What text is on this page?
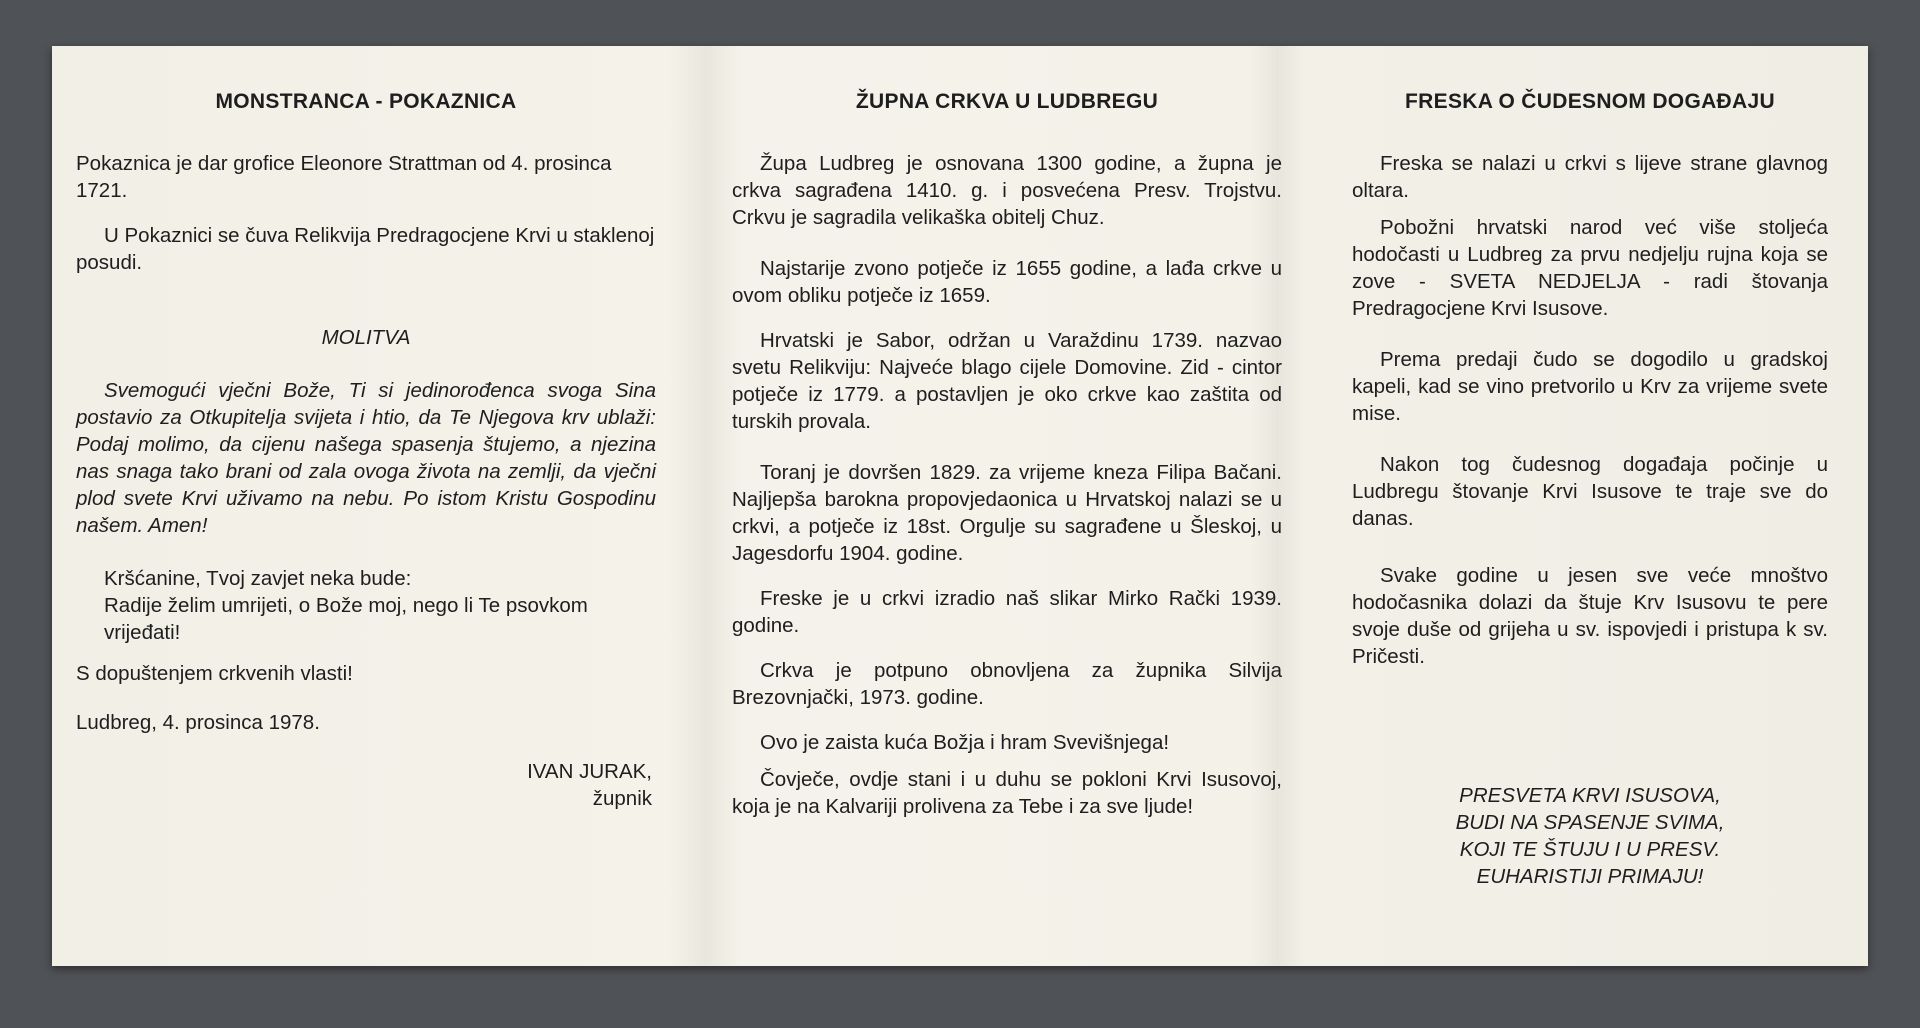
MONSTRANCA - POKAZNICA

Pokaznica je dar grofice Eleonore Strattman od 4. prosinca 1721.

U Pokaznici se čuva Relikvija Predragocjene Krvi u staklenoj posudi.

MOLITVA

Svemogući vječni Bože, Ti si jedinorođenca svoga Sina postavio za Otkupitelja svijeta i htio, da Te Njegova krv ublaži: Podaj molimo, da cijenu našega spasenja štujemo, a njezina nas snaga tako brani od zala ovoga života na zemlji, da vječni plod svete Krvi uživamo na nebu. Po istom Kristu Gospodinu našem. Amen!

Kršćanine, Tvoj zavjet neka bude:

Radije želim umrijeti, o Bože moj, nego li Te psovkom vrijeđati!

S dopuštenjem crkvenih vlasti!

Ludbreg, 4. prosinca 1978.

IVAN JURAK,

župnik

ŽUPNA CRKVA U LUDBREGU

Župa Ludbreg je osnovana 1300 godine, a župna je crkva sagrađena 1410. g. i posvećena Presv. Trojstvu. Crkvu je sagradila velikaška obitelj Chuz.

Najstarije zvono potječe iz 1655 godine, a lađa crkve u ovom obliku potječe iz 1659.

Hrvatski je Sabor, održan u Varaždinu 1739. nazvao svetu Relikviju: Najveće blago cijele Domovine. Zid - cintor potječe iz 1779. a postavljen je oko crkve kao zaštita od turskih provala.

Toranj je dovršen 1829. za vrijeme kneza Filipa Bačani. Najljepša barokna propovjedaonica u Hrvatskoj nalazi se u crkvi, a potječe iz 18st. Orgulje su sagrađene u Šleskoj, u Jagesdorfu 1904. godine.

Freske je u crkvi izradio naš slikar Mirko Rački 1939. godine.

Crkva je potpuno obnovljena za župnika Silvija Brezovnjački, 1973. godine.

Ovo je zaista kuća Božja i hram Svevišnjega!

Čovječe, ovdje stani i u duhu se pokloni Krvi Isusovoj, koja je na Kalvariji prolivena za Tebe i za sve ljude!

FRESKA O ČUDESNOM DOGAĐAJU

Freska se nalazi u crkvi s lijeve strane glavnog oltara.

Pobožni hrvatski narod već više stoljeća hodočasti u Ludbreg za prvu nedjelju rujna koja se zove - SVETA NEDJELJA - radi štovanja Predragocjene Krvi Isusove.

Prema predaji čudo se dogodilo u gradskoj kapeli, kad se vino pretvorilo u Krv za vrijeme svete mise.

Nakon tog čudesnog događaja počinje u Ludbregu štovanje Krvi Isusove te traje sve do danas.

Svake godine u jesen sve veće mnoštvo hodočasnika dolazi da štuje Krv Isusovu te pere svoje duše od grijeha u sv. ispovjedi i pristupa k sv. Pričesti.

PRESVETA KRVI ISUSOVA,

BUDI NA SPASENJE SVIMA,

KOJI TE ŠTUJU I U PRESV.

EUHARISTIJI PRIMAJU!
